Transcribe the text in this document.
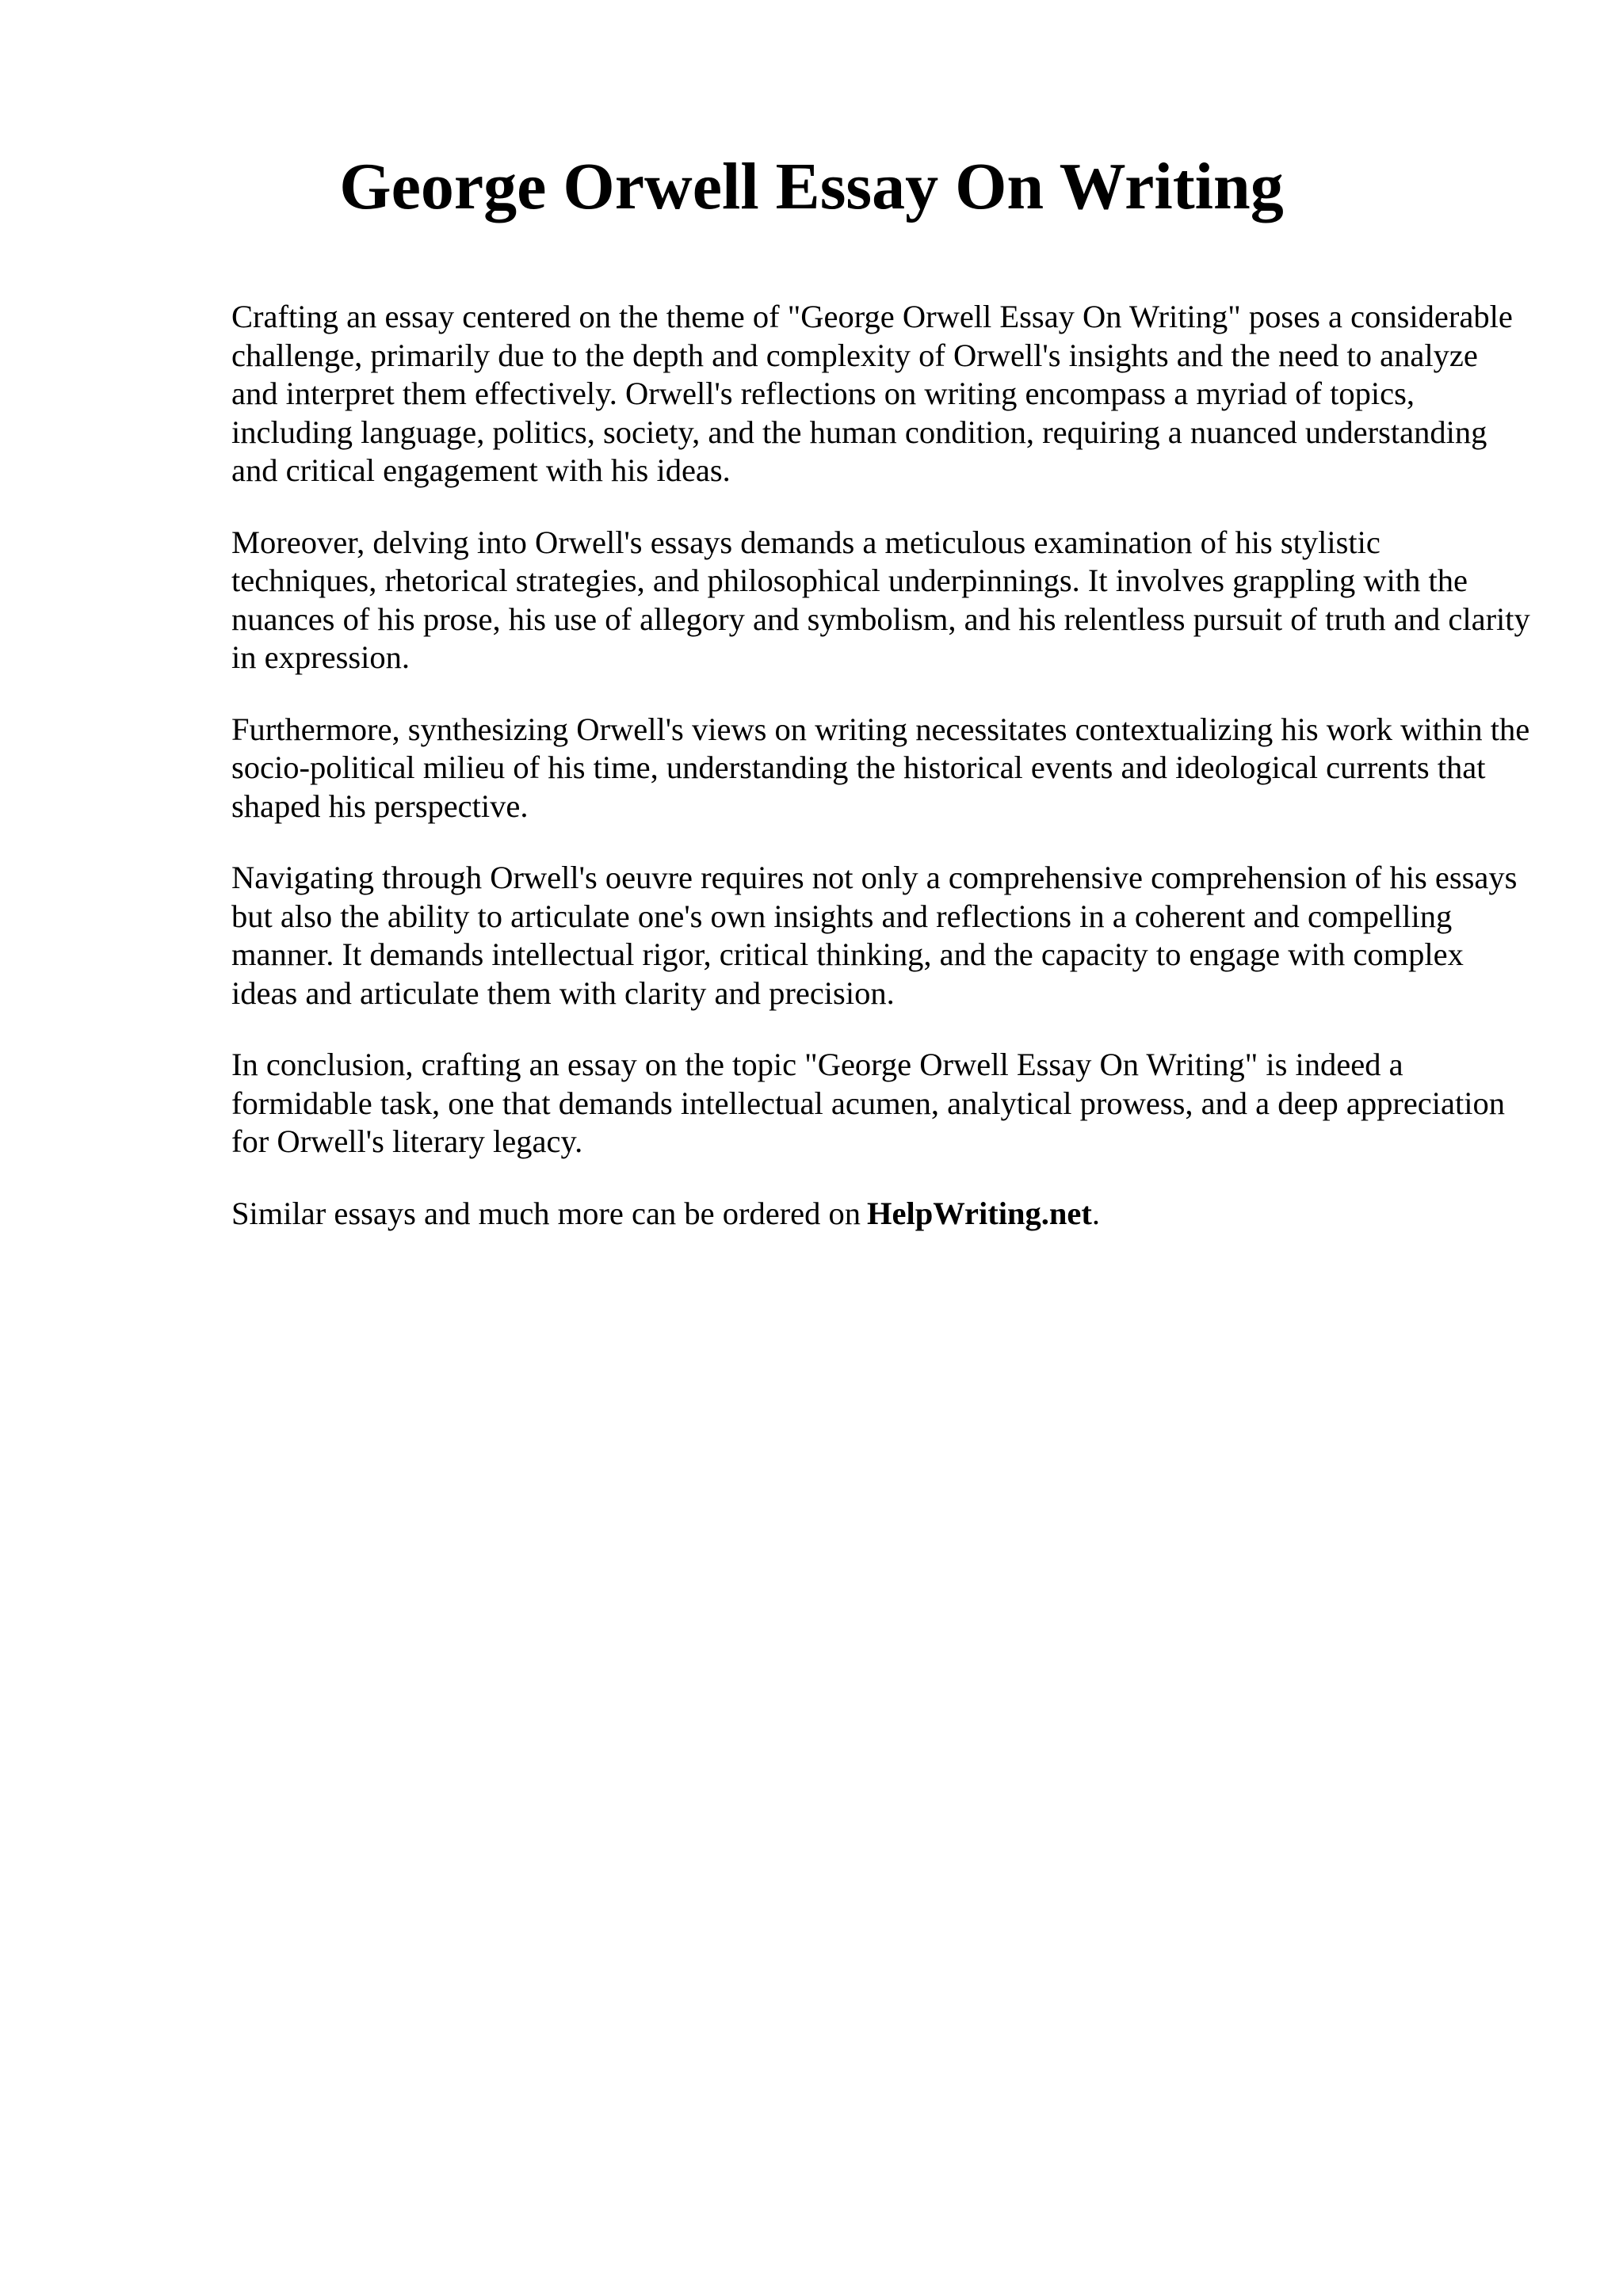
George Orwell Essay On Writing

Crafting an essay centered on the theme of "George Orwell Essay On Writing" poses a considerable challenge, primarily due to the depth and complexity of Orwell's insights and the need to analyze and interpret them effectively. Orwell's reflections on writing encompass a myriad of topics, including language, politics, society, and the human condition, requiring a nuanced understanding and critical engagement with his ideas.

Moreover, delving into Orwell's essays demands a meticulous examination of his stylistic techniques, rhetorical strategies, and philosophical underpinnings. It involves grappling with the nuances of his prose, his use of allegory and symbolism, and his relentless pursuit of truth and clarity in expression.

Furthermore, synthesizing Orwell's views on writing necessitates contextualizing his work within the socio-political milieu of his time, understanding the historical events and ideological currents that shaped his perspective.

Navigating through Orwell's oeuvre requires not only a comprehensive comprehension of his essays but also the ability to articulate one's own insights and reflections in a coherent and compelling manner. It demands intellectual rigor, critical thinking, and the capacity to engage with complex ideas and articulate them with clarity and precision.

In conclusion, crafting an essay on the topic "George Orwell Essay On Writing" is indeed a formidable task, one that demands intellectual acumen, analytical prowess, and a deep appreciation for Orwell's literary legacy.

Similar essays and much more can be ordered on HelpWriting.net.
